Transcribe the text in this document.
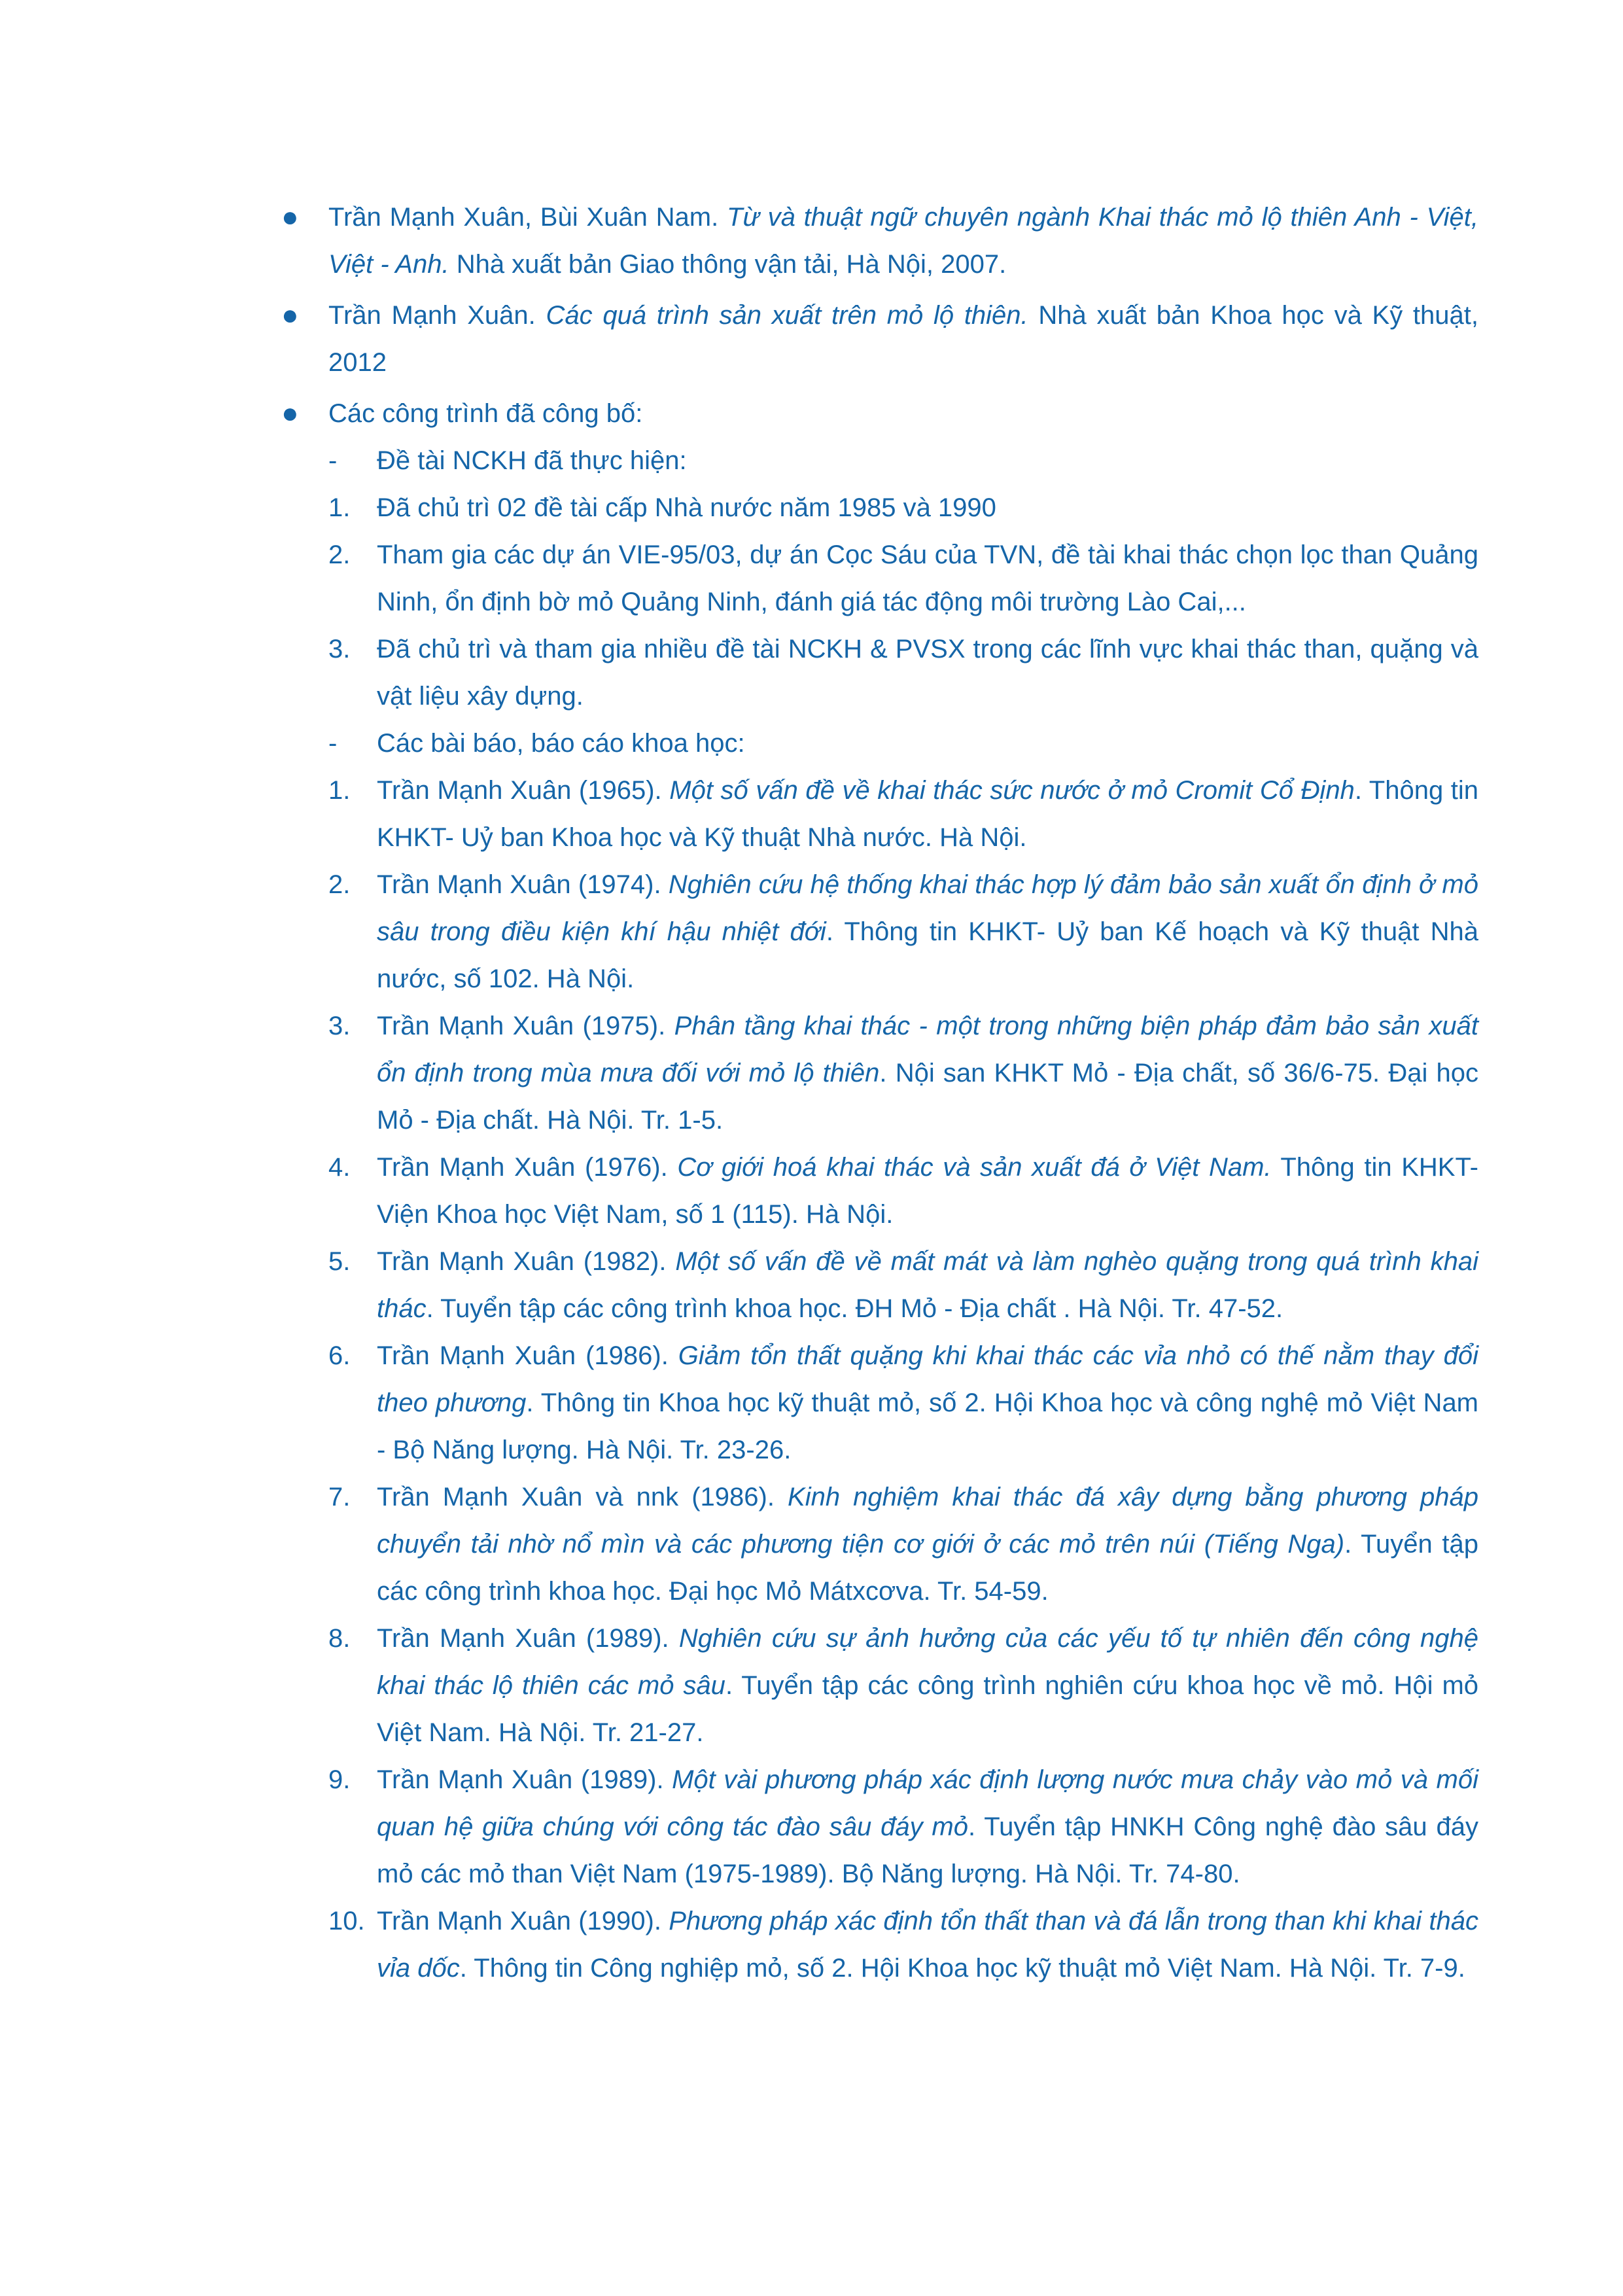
●	Trần Mạnh Xuân, Bùi Xuân Nam. Từ và thuật ngữ chuyên ngành Khai thác mỏ lộ thiên Anh - Việt, Việt - Anh. Nhà xuất bản Giao thông vận tải, Hà Nội, 2007.
●	Trần Mạnh Xuân. Các quá trình sản xuất trên mỏ lộ thiên. Nhà xuất bản Khoa học và Kỹ thuật, 2012
●	Các công trình đã công bố:
-	Đề tài NCKH đã thực hiện:
1.	Đã chủ trì 02 đề tài cấp Nhà nước năm 1985 và 1990
2.	Tham gia các dự án VIE-95/03, dự án Cọc Sáu của TVN, đề tài khai thác chọn lọc than Quảng Ninh, ổn định bờ mỏ Quảng Ninh, đánh giá tác động môi trường Lào Cai,...
3.	Đã chủ trì và tham gia nhiều đề tài NCKH & PVSX trong các lĩnh vực khai thác than, quặng và vật liệu xây dựng.
-	Các bài báo, báo cáo khoa học:
1.	Trần Mạnh Xuân (1965). Một số vấn đề về khai thác sức nước ở mỏ Cromit Cổ Định. Thông tin KHKT- Uỷ ban Khoa học và Kỹ thuật Nhà nước. Hà Nội.
2.	Trần Mạnh Xuân (1974). Nghiên cứu hệ thống khai thác hợp lý đảm bảo sản xuất ổn định ở mỏ sâu trong điều kiện khí hậu nhiệt đới. Thông tin KHKT- Uỷ ban Kế hoạch và Kỹ thuật Nhà nước, số 102. Hà Nội.
3.	Trần Mạnh Xuân (1975). Phân tầng khai thác - một trong những biện pháp đảm bảo sản xuất ổn định trong mùa mưa đối với mỏ lộ thiên. Nội san KHKT Mỏ - Địa chất, số 36/6-75. Đại học Mỏ - Địa chất. Hà Nội. Tr. 1-5.
4.	Trần Mạnh Xuân (1976). Cơ giới hoá khai thác và sản xuất đá ở Việt Nam. Thông tin KHKT- Viện Khoa học Việt Nam, số 1 (115). Hà Nội.
5.	Trần Mạnh Xuân (1982). Một số vấn đề về mất mát và làm nghèo quặng trong quá trình khai thác. Tuyển tập các công trình khoa học. ĐH Mỏ - Địa chất . Hà Nội. Tr. 47-52.
6.	Trần Mạnh Xuân (1986). Giảm tổn thất quặng khi khai thác các vỉa nhỏ có thế nằm thay đổi theo phương. Thông tin Khoa học kỹ thuật mỏ, số 2. Hội Khoa học và công nghệ mỏ Việt Nam - Bộ Năng lượng. Hà Nội. Tr. 23-26.
7.	Trần Mạnh Xuân và nnk (1986). Kinh nghiệm khai thác đá xây dựng bằng phương pháp chuyển tải nhờ nổ mìn và các phương tiện cơ giới ở các mỏ trên núi (Tiếng Nga). Tuyển tập các công trình khoa học. Đại học Mỏ Mátxcơva. Tr. 54-59.
8.	Trần Mạnh Xuân (1989). Nghiên cứu sự ảnh hưởng của các yếu tố tự nhiên đến công nghệ khai thác lộ thiên các mỏ sâu. Tuyển tập các công trình nghiên cứu khoa học về mỏ. Hội mỏ Việt Nam. Hà Nội. Tr. 21-27.
9.	Trần Mạnh Xuân (1989). Một vài phương pháp xác định lượng nước mưa chảy vào mỏ và mối quan hệ giữa chúng với công tác đào sâu đáy mỏ. Tuyển tập HNKH Công nghệ đào sâu đáy mỏ các mỏ than Việt Nam (1975-1989). Bộ Năng lượng. Hà Nội. Tr. 74-80.
10. Trần Mạnh Xuân (1990). Phương pháp xác định tổn thất than và đá lẫn trong than khi khai thác vỉa dốc. Thông tin Công nghiệp mỏ, số 2. Hội Khoa học kỹ thuật mỏ Việt Nam. Hà Nội. Tr. 7-9.
